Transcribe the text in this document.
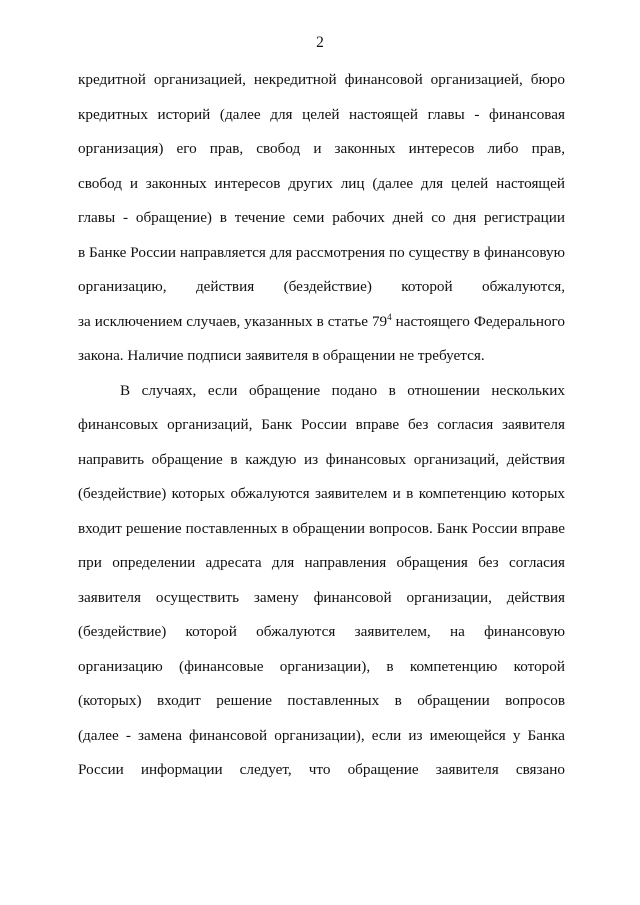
2
кредитной организацией, некредитной финансовой организацией, бюро
кредитных историй (далее для целей настоящей главы - финансовая
организация) его прав, свобод и законных интересов либо прав,
свобод и законных интересов других лиц (далее для целей настоящей
главы - обращение) в течение семи рабочих дней со дня регистрации
в Банке России направляется для рассмотрения по существу в финансовую
организацию, действия (бездействие) которой обжалуются,
за исключением случаев, указанных в статье $79^4$ настоящего Федерального
закона. Наличие подписи заявителя в обращении не требуется.
В случаях, если обращение подано в отношении нескольких
финансовых организаций, Банк России вправе без согласия заявителя
направить обращение в каждую из финансовых организаций, действия
(бездействие) которых обжалуются заявителем и в компетенцию которых
входит решение поставленных в обращении вопросов. Банк России вправе
при определении адресата для направления обращения без согласия
заявителя осуществить замену финансовой организации, действия
(бездействие) которой обжалуются заявителем, на финансовую
организацию (финансовые организации), в компетенцию которой
(которых) входит решение поставленных в обращении вопросов
(далее - замена финансовой организации), если из имеющейся у Банка
России информации следует, что обращение заявителя связано
